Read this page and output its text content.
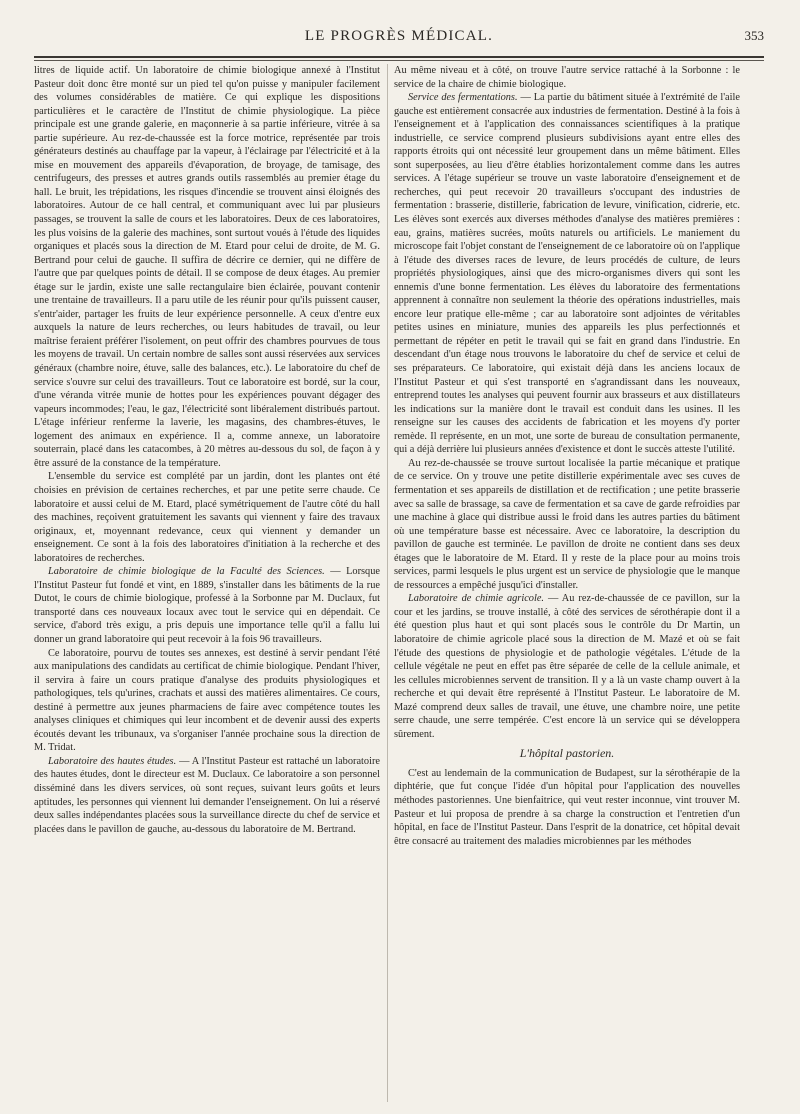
LE PROGRÈS MÉDICAL.	353

litres de liquide actif. Un laboratoire de chimie biologique annexé à l'Institut Pasteur doit donc être monté sur un pied tel qu'on puisse y manipuler facilement des volumes considérables de matière. Ce qui explique les dispositions particulières et le caractère de l'Institut de chimie physiologique. La pièce principale est une grande galerie, en maçonnerie à sa partie inférieure, vitrée à sa partie supérieure. Au rez-de-chaussée est la force motrice, représentée par trois générateurs destinés au chauffage par la vapeur, à l'éclairage par l'électricité et à la mise en mouvement des appareils d'évaporation, de broyage, de tamisage, des centrifugeurs, des presses et autres grands outils rassemblés au premier étage du hall. Le bruit, les trépidations, les risques d'incendie se trouvent ainsi éloignés des laboratoires. Autour de ce hall central, et communiquant avec lui par plusieurs passages, se trouvent la salle de cours et les laboratoires. Deux de ces laboratoires, les plus voisins de la galerie des machines, sont surtout voués à l'étude des liquides organiques et placés sous la direction de M. Etard pour celui de droite, de M. G. Bertrand pour celui de gauche. Il suffira de décrire ce dernier, qui ne diffère de l'autre que par quelques points de détail. Il se compose de deux étages. Au premier étage sur le jardin, existe une salle rectangulaire bien éclairée, pouvant contenir une trentaine de travailleurs. Il a paru utile de les réunir pour qu'ils puissent causer, s'entr'aider, partager les fruits de leur expérience personnelle. A ceux d'entre eux auxquels la nature de leurs recherches, ou leurs habitudes de travail, ou leur maîtrise feraient préférer l'isolement, on peut offrir des chambres pourvues de tous les moyens de travail. Un certain nombre de salles sont aussi réservées aux services généraux (chambre noire, étuve, salle des balances, etc.). Le laboratoire du chef de service s'ouvre sur celui des travailleurs. Tout ce laboratoire est bordé, sur la cour, d'une véranda vitrée munie de hottes pour les expériences pouvant dégager des vapeurs incommodes; l'eau, le gaz, l'électricité sont libéralement distribués partout. L'étage inférieur renferme la laverie, les magasins, des chambres-étuves, le logement des animaux en expérience. Il a, comme annexe, un laboratoire souterrain, placé dans les catacombes, à 20 mètres au-dessous du sol, de façon à y être assuré de la constance de la température.

L'ensemble du service est complété par un jardin, dont les plantes ont été choisies en prévision de certaines recherches, et par une petite serre chaude. Ce laboratoire et aussi celui de M. Etard, placé symétriquement de l'autre côté du hall des machines, reçoivent gratuitement les savants qui viennent y faire des travaux originaux, et, moyennant redevance, ceux qui viennent y demander un enseignement. Ce sont à la fois des laboratoires d'initiation à la recherche et des laboratoires de recherches.

Laboratoire de chimie biologique de la Faculté des Sciences. — Lorsque l'Institut Pasteur fut fondé et vint, en 1889, s'installer dans les bâtiments de la rue Dutot, le cours de chimie biologique, professé à la Sorbonne par M. Duclaux, fut transporté dans ces nouveaux locaux avec tout le service qui en dépendait. Ce service, d'abord très exigu, a pris depuis une importance telle qu'il a fallu lui donner un grand laboratoire qui peut recevoir à la fois 96 travailleurs.

Ce laboratoire, pourvu de toutes ses annexes, est destiné à servir pendant l'été aux manipulations des candidats au certificat de chimie biologique. Pendant l'hiver, il servira à faire un cours pratique d'analyse des produits physiologiques et pathologiques, tels qu'urines, crachats et aussi des matières alimentaires. Ce cours, destiné à permettre aux jeunes pharmaciens de faire avec compétence toutes les analyses cliniques et chimiques qui leur incombent et de devenir aussi des experts écoutés devant les tribunaux, va s'organiser l'année prochaine sous la direction de M. Tridat.

Laboratoire des hautes études. — A l'Institut Pasteur est rattaché un laboratoire des hautes études, dont le directeur est M. Duclaux. Ce laboratoire a son personnel disséminé dans les divers services, où sont reçues, suivant leurs goûts et leurs aptitudes, les personnes qui viennent lui demander l'enseignement. On lui a réservé deux salles indépendantes placées sous la surveillance directe du chef de service et placées dans le pavillon de gauche, au-dessous du laboratoire de M. Bertrand.

Au même niveau et à côté, on trouve l'autre service rattaché à la Sorbonne : le service de la chaire de chimie biologique.

Service des fermentations. — La partie du bâtiment située à l'extrémité de l'aile gauche est entièrement consacrée aux industries de fermentation. Destiné à la fois à l'enseignement et à l'application des connaissances scientifiques à la pratique industrielle, ce service comprend plusieurs subdivisions ayant entre elles des rapports étroits qui ont nécessité leur groupement dans un même bâtiment. Elles sont superposées, au lieu d'être établies horizontalement comme dans les autres services. A l'étage supérieur se trouve un vaste laboratoire d'enseignement et de recherches, qui peut recevoir 20 travailleurs s'occupant des industries de fermentation : brasserie, distillerie, fabrication de levure, vinification, cidrerie, etc. Les élèves sont exercés aux diverses méthodes d'analyse des matières premières : eau, grains, matières sucrées, moûts naturels ou artificiels. Le maniement du microscope fait l'objet constant de l'enseignement de ce laboratoire où on l'applique à l'étude des diverses races de levure, de leurs procédés de culture, de leurs propriétés physiologiques, ainsi que des micro-organismes divers qui sont les ennemis d'une bonne fermentation. Les élèves du laboratoire des fermentations apprennent à connaître non seulement la théorie des opérations industrielles, mais encore leur pratique elle-même ; car au laboratoire sont adjointes de véritables petites usines en miniature, munies des appareils les plus perfectionnés et permettant de répéter en petit le travail qui se fait en grand dans l'industrie. En descendant d'un étage nous trouvons le laboratoire du chef de service et celui de ses préparateurs. Ce laboratoire, qui existait déjà dans les anciens locaux de l'Institut Pasteur et qui s'est transporté en s'agrandissant dans les nouveaux, entreprend toutes les analyses qui peuvent fournir aux brasseurs et aux distillateurs les indications sur la manière dont le travail est conduit dans les usines. Il les renseigne sur les causes des accidents de fabrication et les moyens d'y porter remède. Il représente, en un mot, une sorte de bureau de consultation permanente, qui a déjà derrière lui plusieurs années d'existence et dont le succès atteste l'utilité.

Au rez-de-chaussée se trouve surtout localisée la partie mécanique et pratique de ce service. On y trouve une petite distillerie expérimentale avec ses cuves de fermentation et ses appareils de distillation et de rectification ; une petite brasserie avec sa salle de brassage, sa cave de fermentation et sa cave de garde refroidies par une machine à glace qui distribue aussi le froid dans les autres parties du bâtiment où une température basse est nécessaire. Avec ce laboratoire, la description du pavillon de gauche est terminée. Le pavillon de droite ne contient dans ses deux étages que le laboratoire de M. Etard. Il y reste de la place pour au moins trois services, parmi lesquels le plus urgent est un service de physiologie que le manque de ressources a empêché jusqu'ici d'installer.

Laboratoire de chimie agricole. — Au rez-de-chaussée de ce pavillon, sur la cour et les jardins, se trouve installé, à côté des services de sérothérapie dont il a été question plus haut et qui sont placés sous le contrôle du Dr Martin, un laboratoire de chimie agricole placé sous la direction de M. Mazé et où se fait l'étude des questions de physiologie et de pathologie végétales. L'étude de la cellule végétale ne peut en effet pas être séparée de celle de la cellule animale, et les cellules microbiennes servent de transition. Il y a là un vaste champ ouvert à la recherche et qui devait être représenté à l'Institut Pasteur. Le laboratoire de M. Mazé comprend deux salles de travail, une étuve, une chambre noire, une petite serre chaude, une serre tempérée. C'est encore là un service qui se développera sûrement.

L'hôpital pastorien.

C'est au lendemain de la communication de Budapest, sur la sérothérapie de la diphtérie, que fut conçue l'idée d'un hôpital pour l'application des nouvelles méthodes pastoriennes. Une bienfaitrice, qui veut rester inconnue, vint trouver M. Pasteur et lui proposa de prendre à sa charge la construction et l'entretien d'un hôpital, en face de l'Institut Pasteur. Dans l'esprit de la donatrice, cet hôpital devait être consacré au traitement des maladies microbiennes par les méthodes
